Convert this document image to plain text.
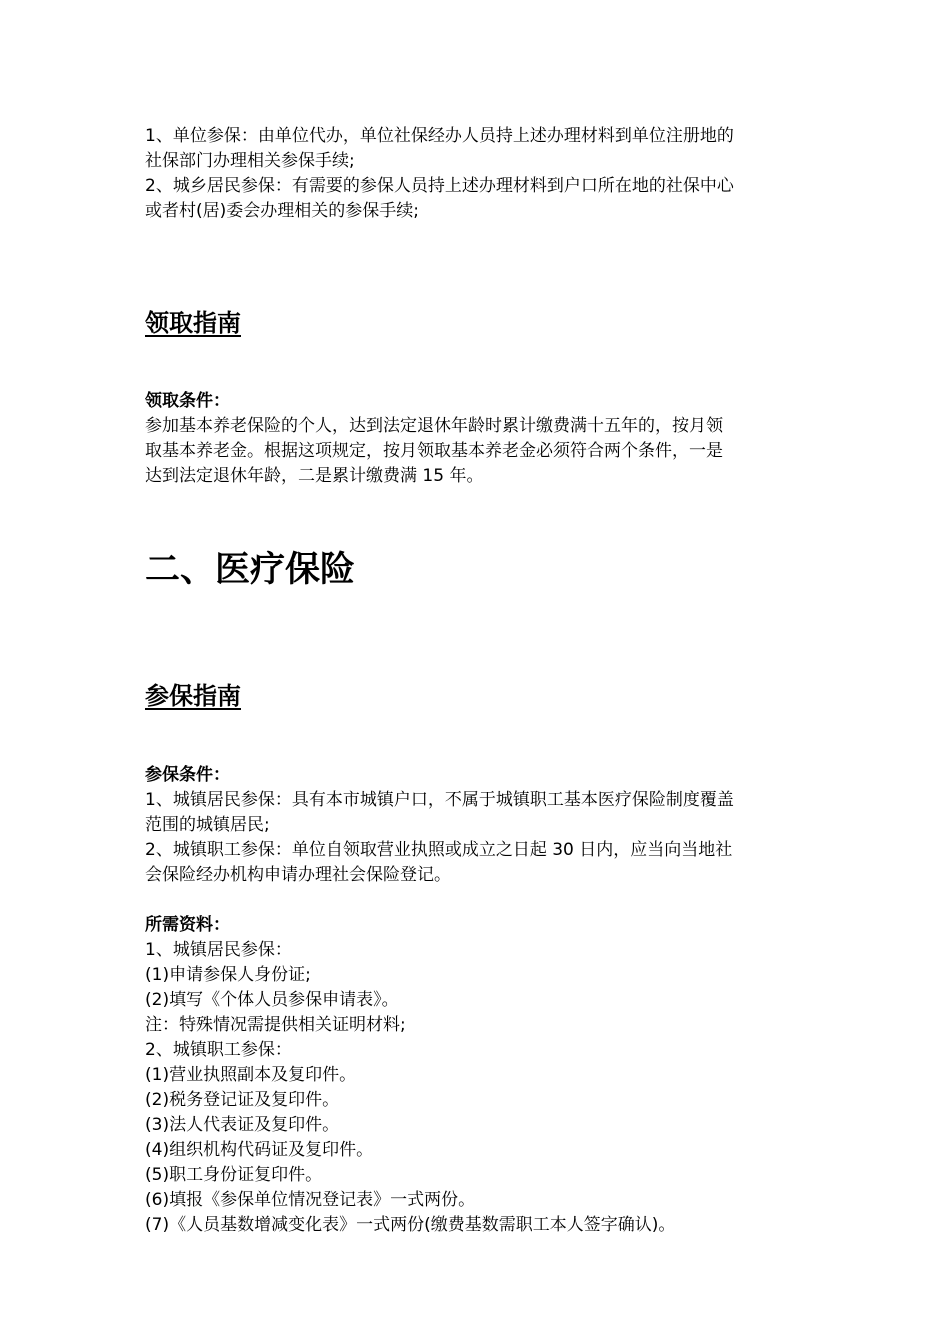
1、单位参保：由单位代办，单位社保经办人员持上述办理材料到单位注册地的
社保部门办理相关参保手续;
2、城乡居民参保：有需要的参保人员持上述办理材料到户口所在地的社保中心
或者村(居)委会办理相关的参保手续;
领取指南
领取条件：
参加基本养老保险的个人，达到法定退休年龄时累计缴费满十五年的，按月领
取基本养老金。根据这项规定，按月领取基本养老金必须符合两个条件，一是
达到法定退休年龄，二是累计缴费满 15 年。
二、医疗保险
参保指南
参保条件：
1、城镇居民参保：具有本市城镇户口，不属于城镇职工基本医疗保险制度覆盖
范围的城镇居民;
2、城镇职工参保：单位自领取营业执照或成立之日起 30 日内，应当向当地社
会保险经办机构申请办理社会保险登记。
所需资料：
1、城镇居民参保：
(1)申请参保人身份证;
(2)填写《个体人员参保申请表》。
注：特殊情况需提供相关证明材料;
2、城镇职工参保：
(1)营业执照副本及复印件。
(2)税务登记证及复印件。
(3)法人代表证及复印件。
(4)组织机构代码证及复印件。
(5)职工身份证复印件。
(6)填报《参保单位情况登记表》一式两份。
(7)《人员基数增减变化表》一式两份(缴费基数需职工本人签字确认)。
